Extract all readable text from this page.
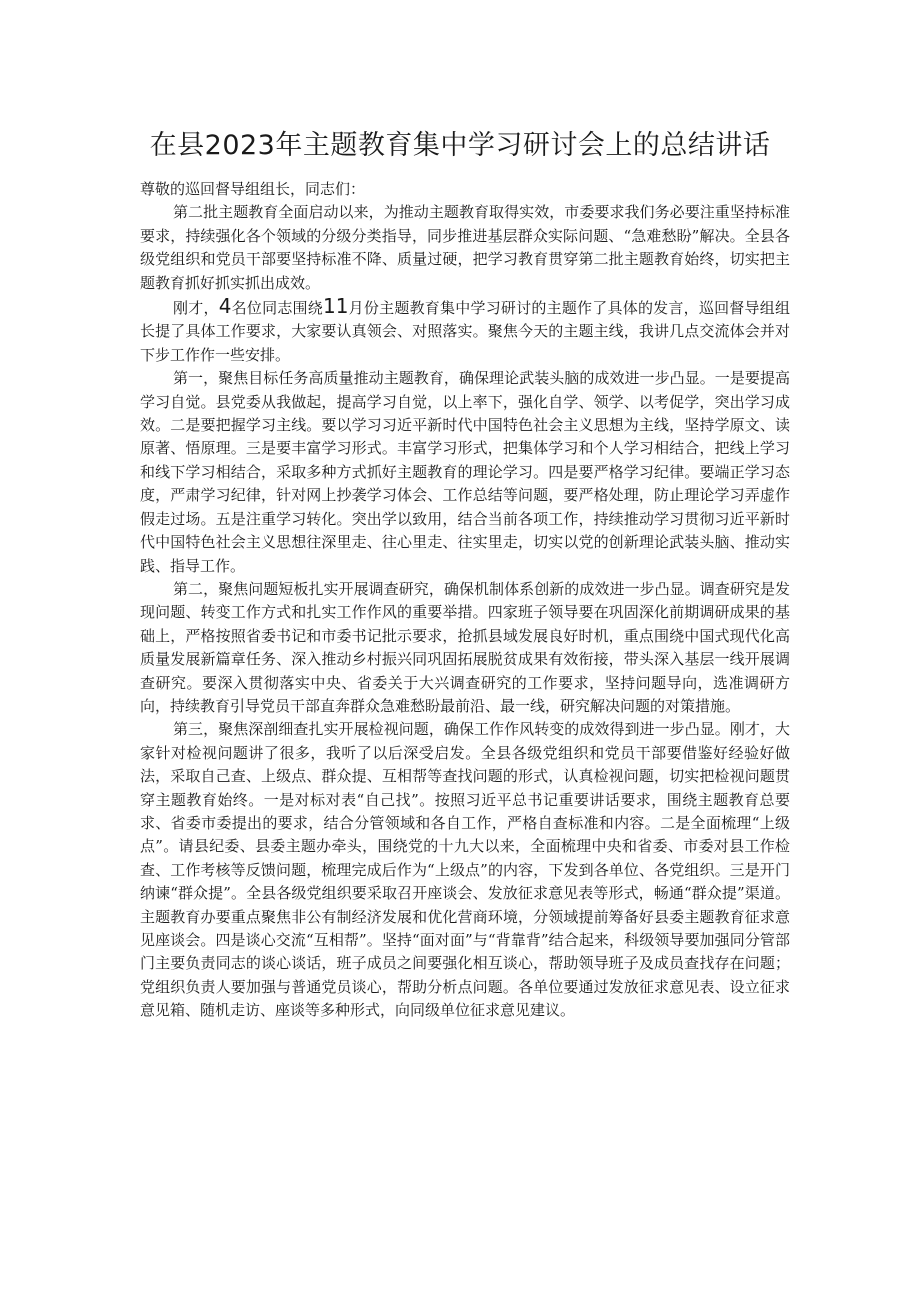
在县2023年主题教育集中学习研讨会上的总结讲话

尊敬的巡回督导组组长，同志们：

第二批主题教育全面启动以来，为推动主题教育取得实效，市委要求我们务必要注重坚持标准要求，持续强化各个领域的分级分类指导，同步推进基层群众实际问题、“急难愁盼”解决。全县各级党组织和党员干部要坚持标准不降、质量过硬，把学习教育贯穿第二批主题教育始终，切实把主题教育抓好抓实抓出成效。

刚才，4名位同志围绕11月份主题教育集中学习研讨的主题作了具体的发言，巡回督导组组长提了具体工作要求，大家要认真领会、对照落实。聚焦今天的主题主线，我讲几点交流体会并对下步工作作一些安排。

第一，聚焦目标任务高质量推动主题教育，确保理论武装头脑的成效进一步凸显。一是要提高学习自觉。县党委从我做起，提高学习自觉，以上率下，强化自学、领学、以考促学，突出学习成效。二是要把握学习主线。要以学习习近平新时代中国特色社会主义思想为主线，坚持学原文、读原著、悟原理。三是要丰富学习形式。丰富学习形式，把集体学习和个人学习相结合，把线上学习和线下学习相结合，采取多种方式抓好主题教育的理论学习。四是要严格学习纪律。要端正学习态度，严肃学习纪律，针对网上抄袭学习体会、工作总结等问题，要严格处理，防止理论学习弄虚作假走过场。五是注重学习转化。突出学以致用，结合当前各项工作，持续推动学习贯彻习近平新时代中国特色社会主义思想往深里走、往心里走、往实里走，切实以党的创新理论武装头脑、推动实践、指导工作。

第二，聚焦问题短板扎实开展调查研究，确保机制体系创新的成效进一步凸显。调查研究是发现问题、转变工作方式和扎实工作作风的重要举措。四家班子领导要在巩固深化前期调研成果的基础上，严格按照省委书记和市委书记批示要求，抢抓县域发展良好时机，重点围绕中国式现代化高质量发展新篇章任务、深入推动乡村振兴同巩固拓展脱贫成果有效衔接，带头深入基层一线开展调查研究。要深入贯彻落实中央、省委关于大兴调查研究的工作要求，坚持问题导向，选准调研方向，持续教育引导党员干部直奔群众急难愁盼最前沿、最一线，研究解决问题的对策措施。

第三，聚焦深剖细查扎实开展检视问题，确保工作作风转变的成效得到进一步凸显。刚才，大家针对检视问题讲了很多，我听了以后深受启发。全县各级党组织和党员干部要借鉴好经验好做法，采取自己查、上级点、群众提、互相帮等查找问题的形式，认真检视问题，切实把检视问题贯穿主题教育始终。一是对标对表“自己找”。按照习近平总书记重要讲话要求，围绕主题教育总要求、省委市委提出的要求，结合分管领域和各自工作，严格自查标准和内容。二是全面梳理“上级点”。请县纪委、县委主题办牵头，围绕党的十九大以来，全面梳理中央和省委、市委对县工作检查、工作考核等反馈问题，梳理完成后作为“上级点”的内容，下发到各单位、各党组织。三是开门纳谏“群众提”。全县各级党组织要采取召开座谈会、发放征求意见表等形式，畅通“群众提”渠道。主题教育办要重点聚焦非公有制经济发展和优化营商环境，分领域提前筹备好县委主题教育征求意见座谈会。四是谈心交流“互相帮”。坚持“面对面”与“背靠背”结合起来，科级领导要加强同分管部门主要负责同志的谈心谈话，班子成员之间要强化相互谈心，帮助领导班子及成员查找存在问题；党组织负责人要加强与普通党员谈心，帮助分析点问题。各单位要通过发放征求意见表、设立征求意见箱、随机走访、座谈等多种形式，向同级单位征求意见建议。
